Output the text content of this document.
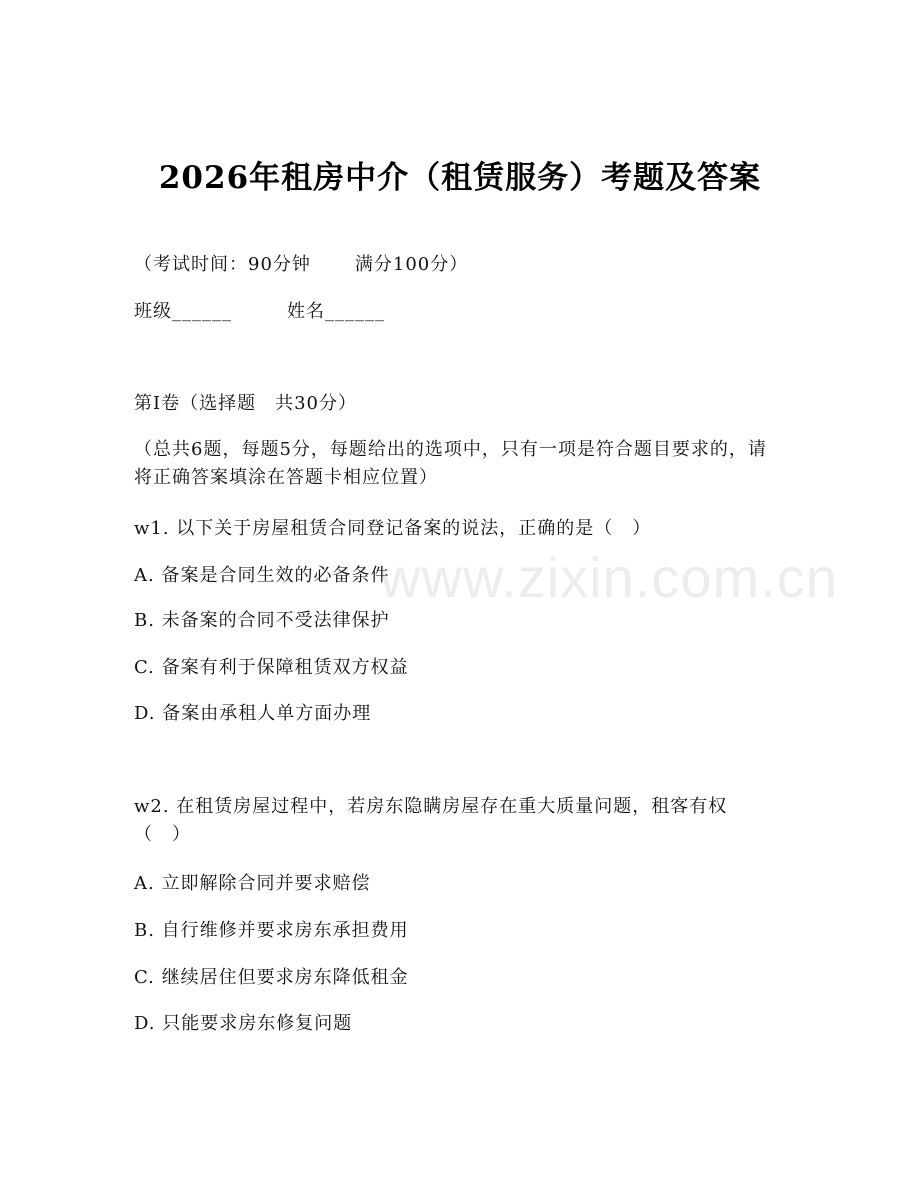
2026年租房中介（租赁服务）考题及答案
（考试时间：90分钟 满分100分）
班级______	姓名______
第Ⅰ卷（选择题　共30分）
（总共6题，每题5分，每题给出的选项中，只有一项是符合题目要求的，请将正确答案填涂在答题卡相应位置）
w1. 以下关于房屋租赁合同登记备案的说法，正确的是（　）
A. 备案是合同生效的必备条件
B. 未备案的合同不受法律保护
C. 备案有利于保障租赁双方权益
D. 备案由承租人单方面办理
w2. 在租赁房屋过程中，若房东隐瞒房屋存在重大质量问题，租客有权（　）
A. 立即解除合同并要求赔偿
B. 自行维修并要求房东承担费用
C. 继续居住但要求房东降低租金
D. 只能要求房东修复问题
www.zixin.com.cn
